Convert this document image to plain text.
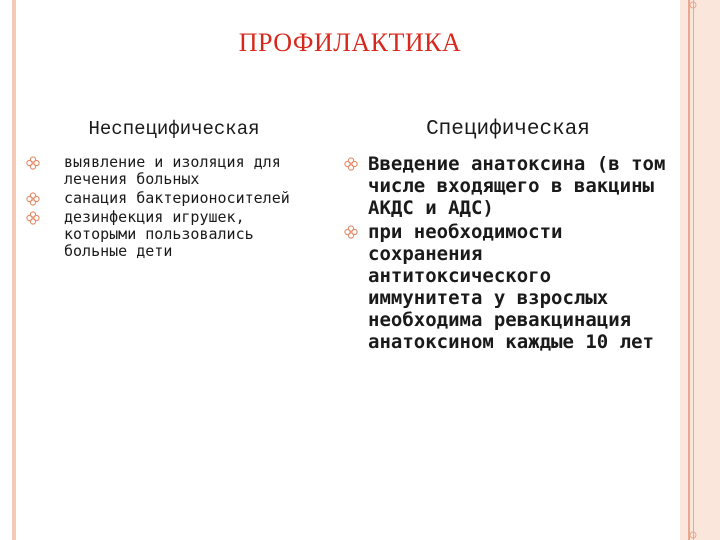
ПРОФИЛАКТИКА
Неспецифическая
выявление и изоляция для лечения больных
санация бактерионосителей
дезинфекция игрушек, которыми пользовались больные дети
Специфическая
Введение анатоксина (в том числе входящего в вакцины АКДС и АДС)
при необходимости сохранения антитоксического иммунитета у взрослых необходима ревакцинация анатоксином каждые 10 лет
